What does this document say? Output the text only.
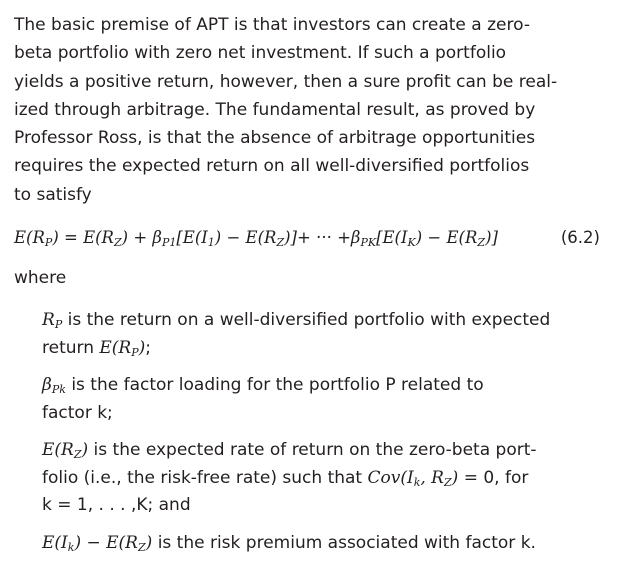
The basic premise of APT is that investors can create a zero-
beta portfolio with zero net investment. If such a portfolio
yields a positive return, however, then a sure profit can be real-
ized through arbitrage. The fundamental result, as proved by
Professor Ross, is that the absence of arbitrage opportunities
requires the expected return on all well-diversified portfolios
to satisfy

$E(R_P) = E(R_Z) + \beta_{P1}[E(I_1) - E(R_Z)]+$ ··· $+\beta_{PK}[E(I_K) - E(R_Z)]$	(6.2)
where
$R_P$ is the return on a well-diversified portfolio with expected
return $E(R_P)$;
$\beta_{Pk}$ is the factor loading for the portfolio P related to
factor k;
$E(R_Z)$ is the expected rate of return on the zero-beta port-
folio (i.e., the risk-free rate) such that $Cov(I_k$, $R_Z) = 0$, for
k = 1, . . . ,K; and
$E(I_k) - E(R_Z)$ is the risk premium associated with factor k.
